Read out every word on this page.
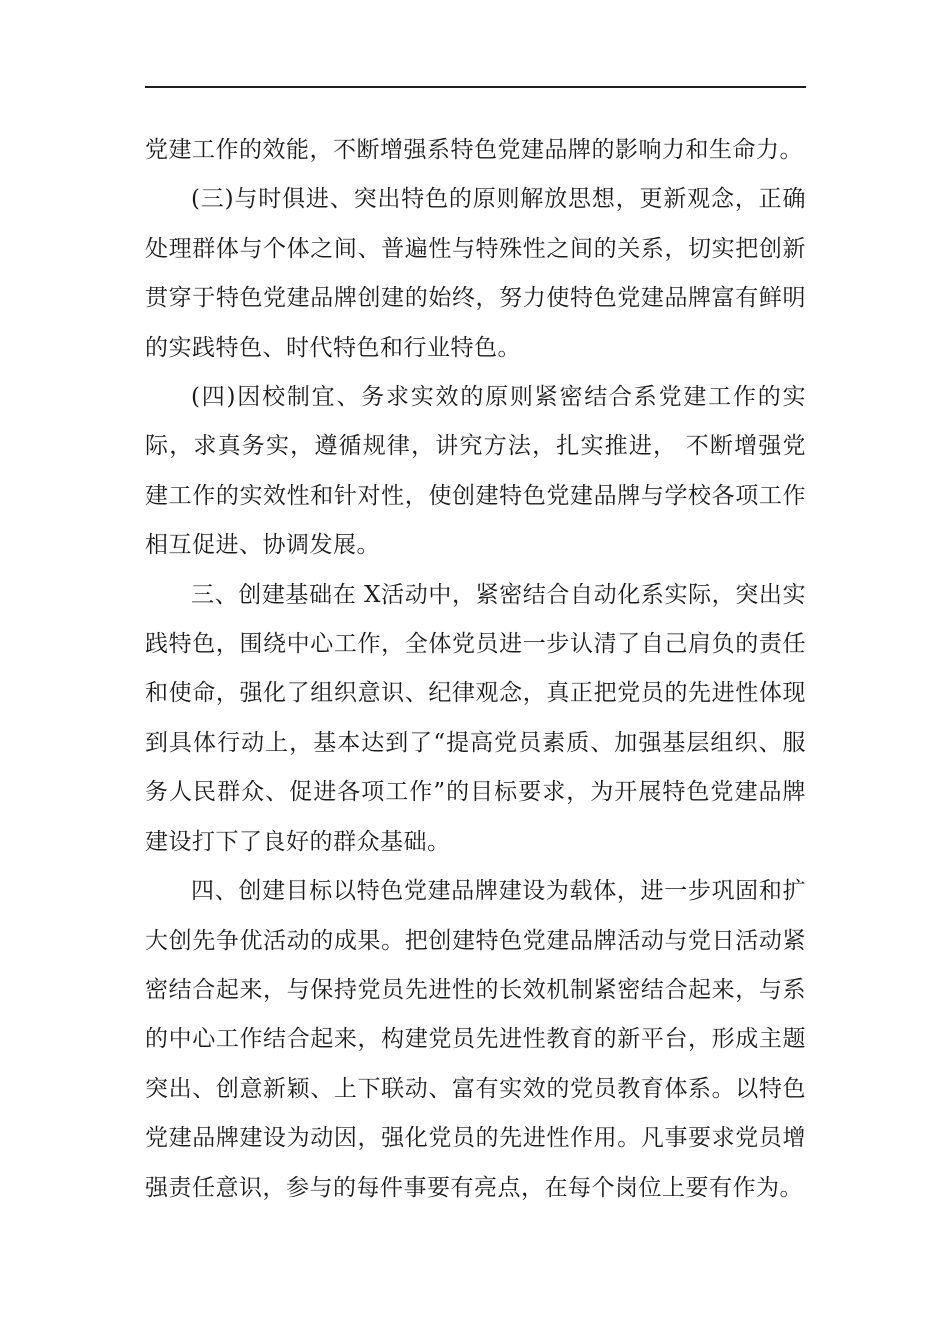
党建工作的效能，不断增强系特色党建品牌的影响力和生命力。

(三)与时俱进、突出特色的原则解放思想，更新观念，正确处理群体与个体之间、普遍性与特殊性之间的关系，切实把创新贯穿于特色党建品牌创建的始终，努力使特色党建品牌富有鲜明的实践特色、时代特色和行业特色。

(四)因校制宜、务求实效的原则紧密结合系党建工作的实际，求真务实，遵循规律，讲究方法，扎实推进， 不断增强党建工作的实效性和针对性，使创建特色党建品牌与学校各项工作相互促进、协调发展。

三、创建基础在 X活动中，紧密结合自动化系实际，突出实践特色，围绕中心工作，全体党员进一步认清了自己肩负的责任和使命，强化了组织意识、纪律观念，真正把党员的先进性体现到具体行动上，基本达到了“提高党员素质、加强基层组织、服务人民群众、促进各项工作”的目标要求，为开展特色党建品牌建设打下了良好的群众基础。

四、创建目标以特色党建品牌建设为载体，进一步巩固和扩大创先争优活动的成果。把创建特色党建品牌活动与党日活动紧密结合起来，与保持党员先进性的长效机制紧密结合起来，与系的中心工作结合起来，构建党员先进性教育的新平台，形成主题突出、创意新颖、上下联动、富有实效的党员教育体系。以特色党建品牌建设为动因，强化党员的先进性作用。凡事要求党员增强责任意识，参与的每件事要有亮点，在每个岗位上要有作为。
